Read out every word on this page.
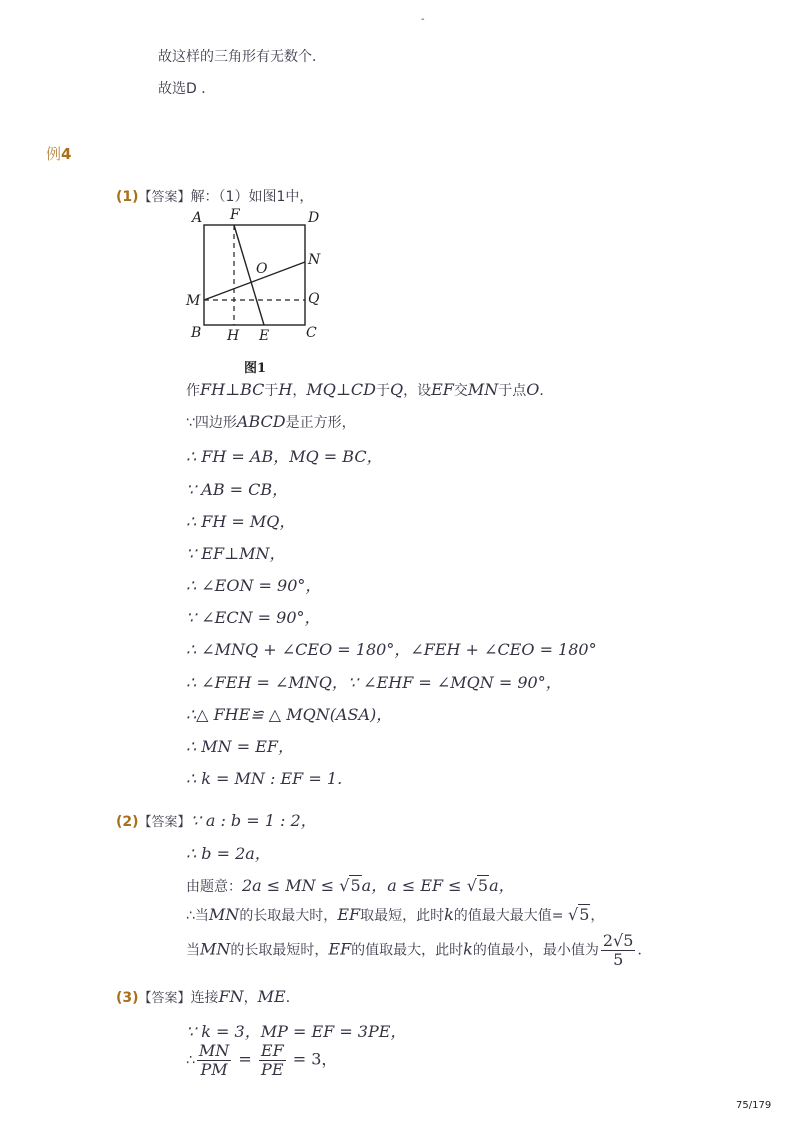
-
故这样的三角形有无数个．
故选D ．
例4
(1)【答案】解：（1）如图1中，
A F	D
N
O
M	Q
B H E	C
图1
作FH⊥BC于H，MQ⊥CD于Q，设EF交MN于点O．
∵四边形ABCD是正方形，
∴ FH = AB，MQ = BC，
∵ AB = CB，
∴ FH = MQ，
∵ EF⊥MN，
∴ ∠EON = 90°，
∵ ∠ECN = 90°，
∴ ∠MNQ + ∠CEO = 180°，∠FEH + ∠CEO = 180°
∴ ∠FEH = ∠MNQ，∵ ∠EHF = ∠MQN = 90°，
∴△ FHE≌ △ MQN(ASA)，
∴ MN = EF，
∴ k = MN : EF = 1．
(2)【答案】∵ a : b = 1 : 2，
∴ b = 2a，
由题意：2a ≤ MN ≤ √5a，a ≤ EF ≤ √5a，
∴当MN的长取最大时，EF取最短，此时k的值最大最大值= √5，
当MN的长取最短时，EF的值取最大，此时k的值最小，最小值为 $\frac{2√5}{5}$ ．
(3)【答案】连接FN，ME．
∵ k = 3，MP = EF = 3PE，
∴ $\frac{MN}{PM} = \frac{EF}{PE} = 3$，
75/179
